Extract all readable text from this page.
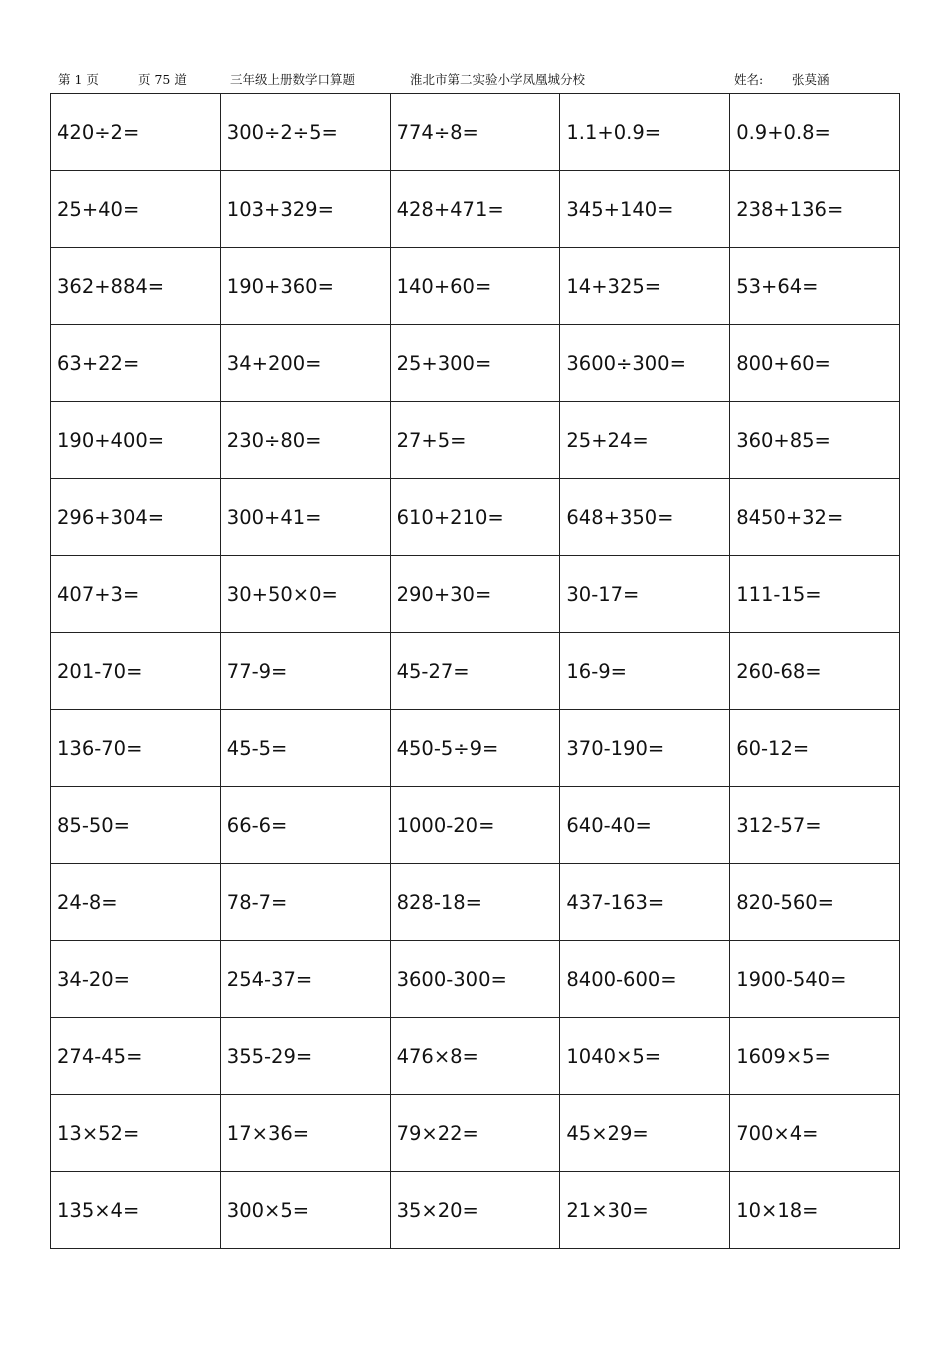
第 1 页	页 75 道	三年级上册数学口算题	淮北市第二实验小学凤凰城分校	姓名: 张莫涵
420÷2=	300÷2÷5=	774÷8=	1.1+0.9=	0.9+0.8=
25+40=	103+329=	428+471=	345+140=	238+136=
362+884=	190+360=	140+60=	14+325=	53+64=
63+22=	34+200=	25+300=	3600÷300=	800+60=
190+400=	230÷80=	27+5=	25+24=	360+85=
296+304=	300+41=	610+210=	648+350=	8450+32=
407+3=	30+50×0=	290+30=	30-17=	111-15=
201-70=	77-9=	45-27=	16-9=	260-68=
136-70=	45-5=	450-5÷9=	370-190=	60-12=
85-50=	66-6=	1000-20=	640-40=	312-57=
24-8=	78-7=	828-18=	437-163=	820-560=
34-20=	254-37=	3600-300=	8400-600=	1900-540=
274-45=	355-29=	476×8=	1040×5=	1609×5=
13×52=	17×36=	79×22=	45×29=	700×4=
135×4=	300×5=	35×20=	21×30=	10×18=
